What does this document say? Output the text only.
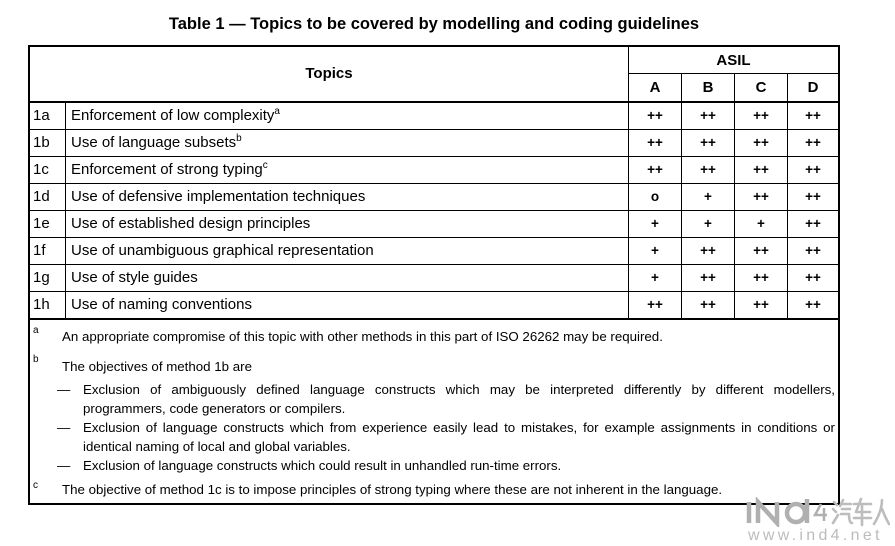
Table 1 — Topics to be covered by modelling and coding guidelines
Topics
ASIL
A	B	C	D
1a	Enforcement of low complexity$^a$	++	++	++	++
1b	Use of language subsets$^b$	++	++	++	++
1c	Enforcement of strong typing$^c$	++	++	++	++
1d	Use of defensive implementation techniques	o	+	++	++
1e	Use of established design principles	+	+	+	++
1f	Use of unambiguous graphical representation	+	++	++	++
1g	Use of style guides	+	++	++	++
1h	Use of naming conventions	++	++	++	++
a An appropriate compromise of this topic with other methods in this part of ISO 26262 may be required.
b The objectives of method 1b are
— Exclusion of ambiguously defined language constructs which may be interpreted differently by different modellers,
programmers, code generators or compilers.
— Exclusion of language constructs which from experience easily lead to mistakes, for example assignments in conditions or
identical naming of local and global variables.
— Exclusion of language constructs which could result in unhandled run-time errors.
c The objective of method 1c is to impose principles of strong typing where these are not inherent in the language.
www.ind4.net
